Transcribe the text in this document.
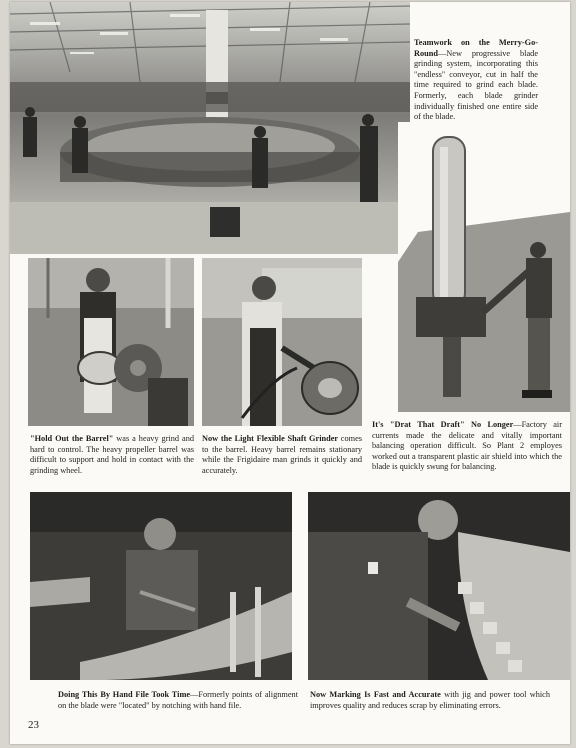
Teamwork on the Merry-Go-Round—New progressive blade grinding system, incorporating this "endless" conveyor, cut in half the time required to grind each blade. Formerly, each blade grinder individually finished one entire side of the blade.

"Hold Out the Barrel" was a heavy grind and hard to control. The heavy propeller barrel was difficult to support and hold in contact with the grinding wheel.

Now the Light Flexible Shaft Grinder comes to the barrel. Heavy barrel remains stationary while the Frigidaire man grinds it quickly and accurately.

It's "Drat That Draft" No Longer—Factory air currents made the delicate and vitally important balancing operation difficult. So Plant 2 employes worked out a transparent plastic air shield into which the blade is quickly swung for balancing.

Doing This By Hand File Took Time—Formerly points of alignment on the blade were "located" by notching with hand file.

Now Marking Is Fast and Accurate with jig and power tool which improves quality and reduces scrap by eliminating errors.

23
